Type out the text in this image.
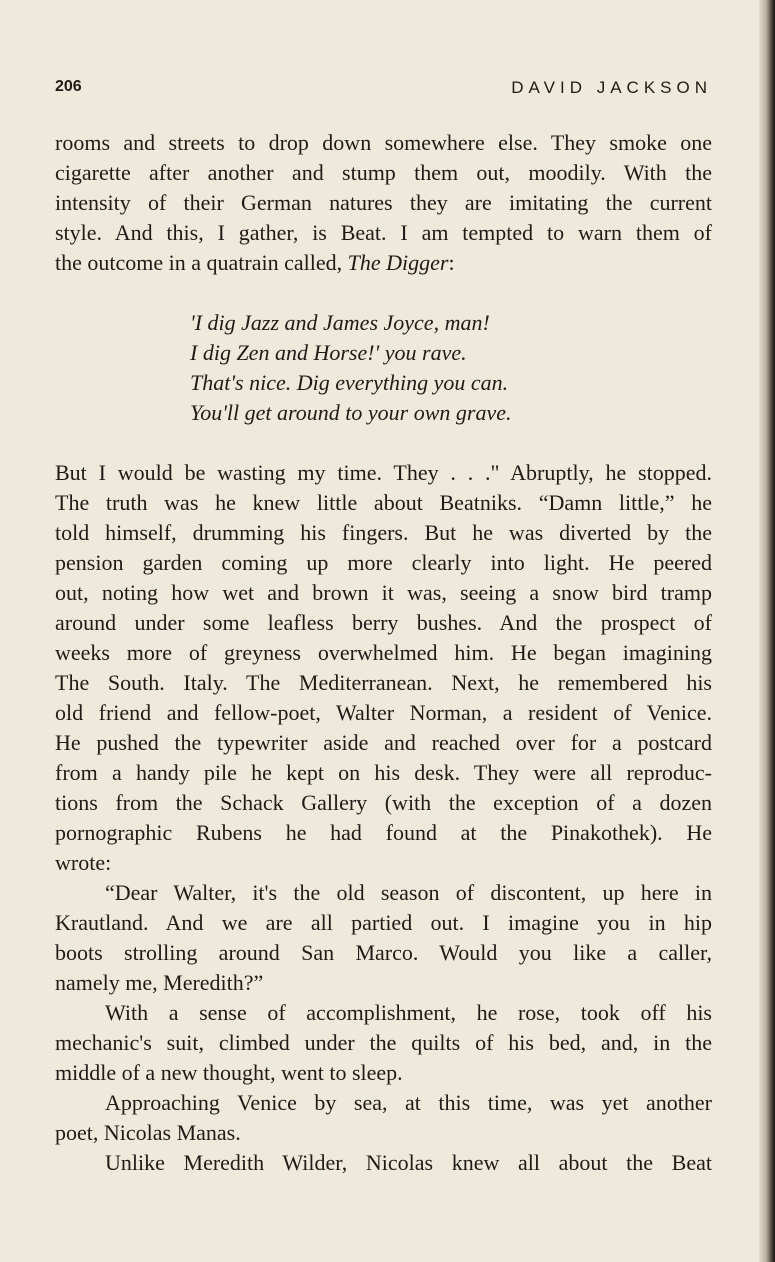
206	DAVID JACKSON
rooms and streets to drop down somewhere else. They smoke one
cigarette after another and stump them out, moodily. With the
intensity of their German natures they are imitating the current
style. And this, I gather, is Beat. I am tempted to warn them of
the outcome in a quatrain called, The Digger:
'I dig Jazz and James Joyce, man!
I dig Zen and Horse!' you rave.
That's nice. Dig everything you can.
You'll get around to your own grave.
But I would be wasting my time. They . . ." Abruptly, he stopped.
The truth was he knew little about Beatniks. “Damn little,” he
told himself, drumming his fingers. But he was diverted by the
pension garden coming up more clearly into light. He peered
out, noting how wet and brown it was, seeing a snow bird tramp
around under some leafless berry bushes. And the prospect of
weeks more of greyness overwhelmed him. He began imagining
The South. Italy. The Mediterranean. Next, he remembered his
old friend and fellow-poet, Walter Norman, a resident of Venice.
He pushed the typewriter aside and reached over for a postcard
from a handy pile he kept on his desk. They were all reproduc-
tions from the Schack Gallery (with the exception of a dozen
pornographic Rubens he had found at the Pinakothek). He
wrote:
“Dear Walter, it's the old season of discontent, up here in
Krautland. And we are all partied out. I imagine you in hip
boots strolling around San Marco. Would you like a caller,
namely me, Meredith?”
With a sense of accomplishment, he rose, took off his
mechanic's suit, climbed under the quilts of his bed, and, in the
middle of a new thought, went to sleep.
Approaching Venice by sea, at this time, was yet another
poet, Nicolas Manas.
Unlike Meredith Wilder, Nicolas knew all about the Beat
